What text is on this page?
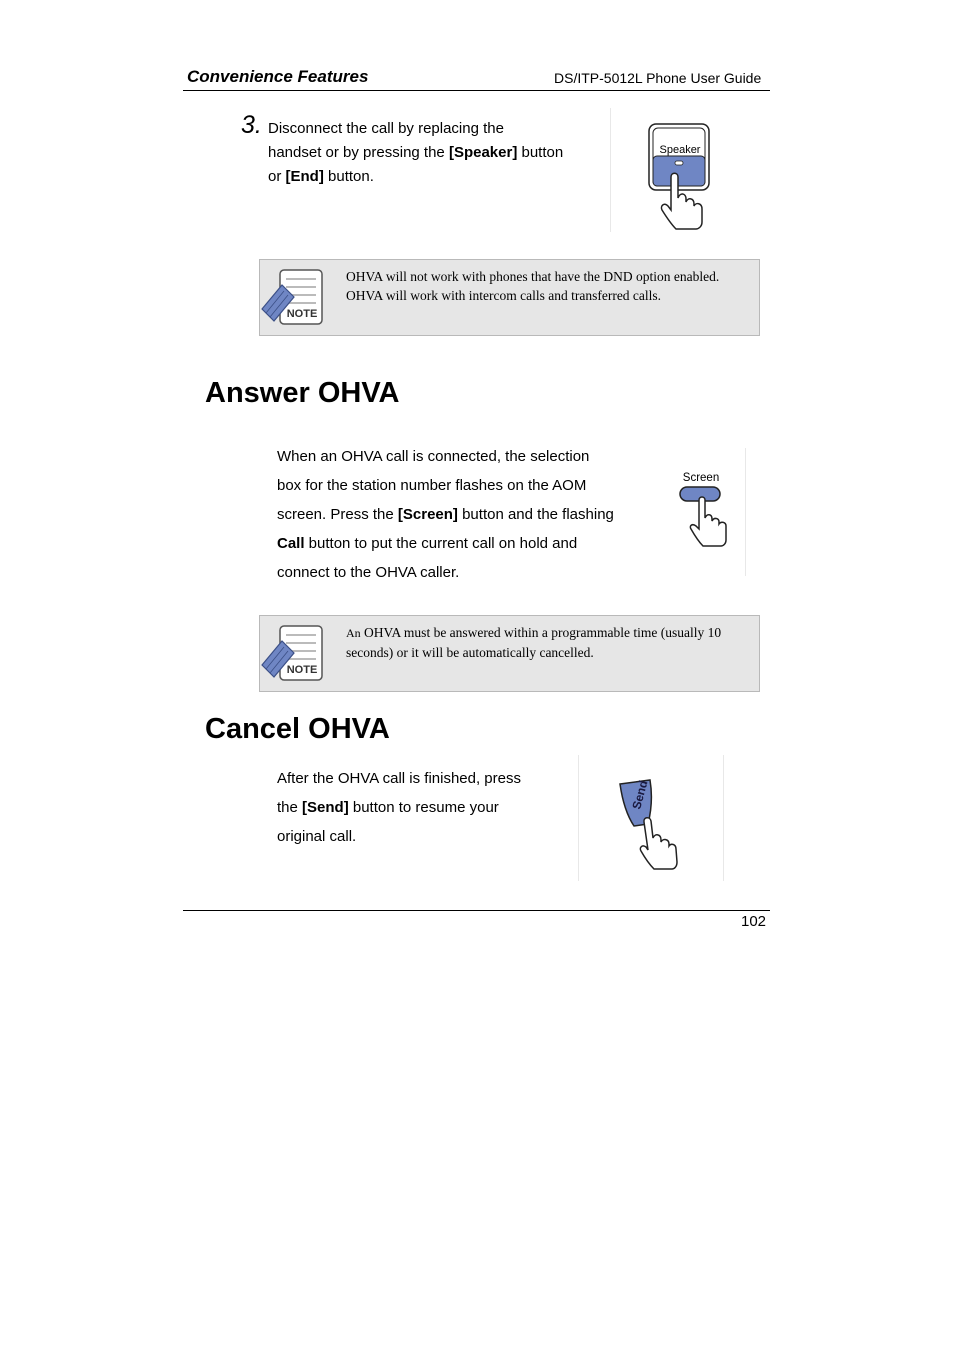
Convenience Features	DS/ITP-5012L Phone User Guide
3. Disconnect the call by replacing the
handset or by pressing the [Speaker] button
or [End] button.
Speaker
NOTE
OHVA will not work with phones that have the DND option enabled.
OHVA will work with intercom calls and transferred calls.
Answer OHVA
When an OHVA call is connected, the selection
box for the station number flashes on the AOM
screen. Press the [Screen] button and the flashing
Call button to put the current call on hold and
connect to the OHVA caller.
Screen
NOTE
An OHVA must be answered within a programmable time (usually 10
seconds) or it will be automatically cancelled.
Cancel OHVA
After the OHVA call is finished, press
the [Send] button to resume your
original call.
Send
102
